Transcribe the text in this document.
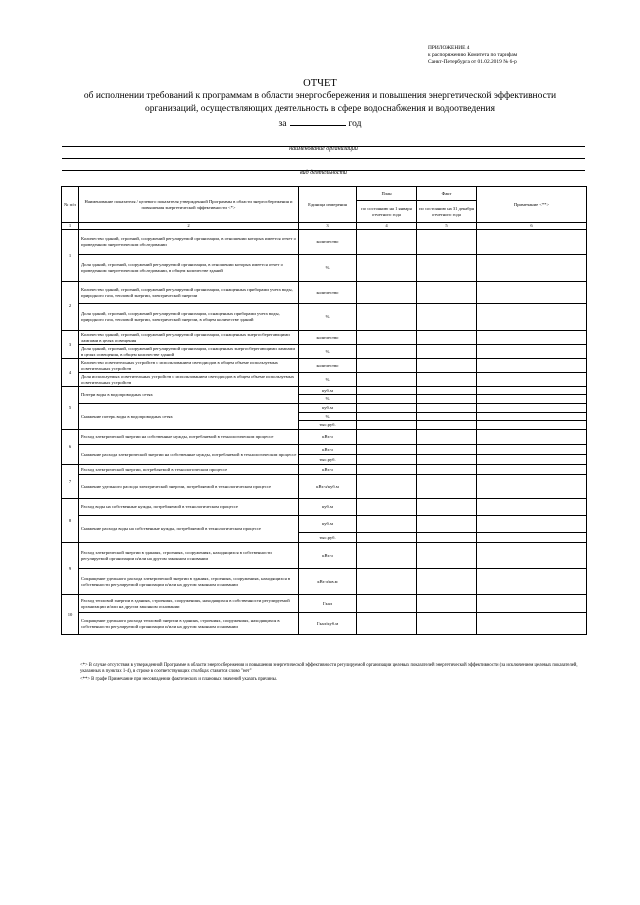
ПРИЛОЖЕНИЕ 4
к распоряжению Комитета по тарифам
Санкт-Петербурга от 01.02.2019 № 6-р
ОТЧЕТ
об исполнении требований к программам в области энергосбережения и повышения энергетической эффективности
организаций, осуществляющих деятельность в сфере водоснабжения и водоотведения
за	год
наименование организации
вид деятельности
№ п/п	Наименование показателя / целевого показателя утвержденной Программы в области энергосбережения и повышения энергетической эффективности <*>	Единица измерения	План	Факт	Примечание <**>
			по состоянию на 1 января отчетного года	по состоянию на 31 декабря отчетного года	
1	2	3	4	5	6
1	Количество зданий, строений, сооружений регулируемой организации, в отношении которых имеется отчет о проведенном энергетическом обследовании	количество			
	Доля зданий, строений, сооружений регулируемой организации, в отношении которых имеется отчет о проведенном энергетическом обследовании, в общем количестве зданий	%			
2	Количество зданий, строений, сооружений регулируемой организации, оснащенных приборами учета воды, природного газа, тепловой энергии, электрической энергии	количество			
	Доля зданий, строений, сооружений регулируемой организации, оснащенных приборами учета воды, природного газа, тепловой энергии, электрической энергии, в общем количестве зданий	%			
3	Количество зданий, строений, сооружений регулируемой организации, оснащенных энергосберегающими лампами в целях освещения	количество			
	Доля зданий, строений, сооружений регулируемой организации, оснащенных энергосберегающими лампами в целях освещения, в общем количестве зданий	%			
4	Количество осветительных устройств с использованием светодиодов в общем объеме используемых осветительных устройств	количество			
	Доля используемых осветительных устройств с использованием светодиодов в общем объеме используемых осветительных устройств	%			
5	Потери воды в водопроводных сетях	куб.м			
		%			
	Снижение потерь воды в водопроводных сетях	куб.м			
		%			
		тыс.руб.			
6	Расход электрической энергии на собственные нужды, потребляемой в технологическом процессе	кВт.ч			
	Снижение расхода электрической энергии на собственные нужды, потребляемой в технологическом процессе	кВт.ч			
		тыс.руб.			
7	Расход электрической энергии, потребляемой в технологическом процессе	кВт.ч			
	Снижение удельного расхода электрической энергии, потребляемой в технологическом процессе	кВт.ч/куб.м			
8	Расход воды на собственные нужды, потребляемой в технологическом процессе	куб.м			
	Снижение расхода воды на собственные нужды, потребляемой в технологическом процессе	куб.м			
		тыс.руб.			
9	Расход электрической энергии в зданиях, строениях, сооружениях, находящихся в собственности регулируемой организации и/или на другом законном основании	кВт.ч			
	Сокращение удельного расхода электрической энергии в зданиях, строениях, сооружениях, находящихся в собственности регулируемой организации и/или на другом законном основании	кВт.ч/кв.м			
10	Расход тепловой энергии в зданиях, строениях, сооружениях, находящихся в собственности регулируемой организации и/или на другом законном основании	Гкал			
	Сокращение удельного расхода тепловой энергии в зданиях, строениях, сооружениях, находящихся в собственности регулируемой организации и/или на другом законном основании	Гкал/куб.м			

<*> В случае отсутствия в утвержденной Программе в области энергосбережения и повышения энергетической эффективности регулируемой организации целевых показателей энергетической эффективности (за исключением целевых показателей, указанных в пунктах 1-4), в строке в соответствующих столбцах ставится слово "нет"

<**> В графе Примечание при несовпадении фактических и плановых значений указать причины.
